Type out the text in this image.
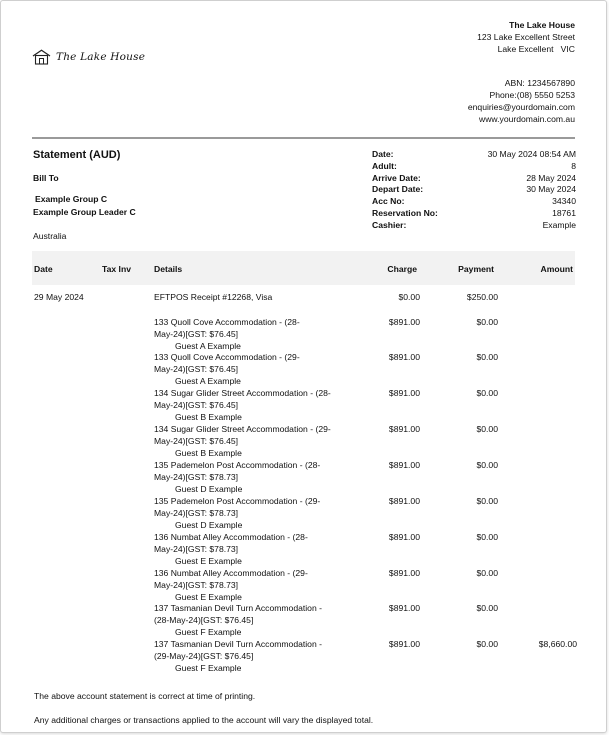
The Lake House
The Lake House
123 Lake Excellent Street
Lake Excellent   VIC
ABN: 1234567890
Phone:(08) 5550 5253
enquiries@yourdomain.com
www.yourdomain.com.au
Statement (AUD)
Bill To
Example Group C
Example Group Leader C
Australia
Date:	30 May 2024 08:54 AM
Adult:	8
Arrive Date:	28 May 2024
Depart Date:	30 May 2024
Acc No:	34340
Reservation No:	18761
Cashier:	Example
Date	Tax Inv	Details	Charge	Payment	Amount
29 May 2024	EFTPOS Receipt #12268, Visa	$0.00	$250.00
133 Quoll Cove Accommodation - (28-
May-24)[GST: $76.45]
Guest A Example
$891.00	$0.00
133 Quoll Cove Accommodation - (29-
May-24)[GST: $76.45]
Guest A Example
$891.00	$0.00
134 Sugar Glider Street Accommodation - (28-
May-24)[GST: $76.45]
Guest B Example
$891.00	$0.00
134 Sugar Glider Street Accommodation - (29-
May-24)[GST: $76.45]
Guest B Example
$891.00	$0.00
135 Pademelon Post Accommodation - (28-
May-24)[GST: $78.73]
Guest D Example
$891.00	$0.00
135 Pademelon Post Accommodation - (29-
May-24)[GST: $78.73]
Guest D Example
$891.00	$0.00
136 Numbat Alley Accommodation - (28-
May-24)[GST: $78.73]
Guest E Example
$891.00	$0.00
136 Numbat Alley Accommodation - (29-
May-24)[GST: $78.73]
Guest E Example
$891.00	$0.00
137 Tasmanian Devil Turn Accommodation -
(28-May-24)[GST: $76.45]
Guest F Example
$891.00	$0.00
137 Tasmanian Devil Turn Accommodation -
(29-May-24)[GST: $76.45]
Guest F Example
$891.00	$0.00	$8,660.00
The above account statement is correct at time of printing.
Any additional charges or transactions applied to the account will vary the displayed total.
